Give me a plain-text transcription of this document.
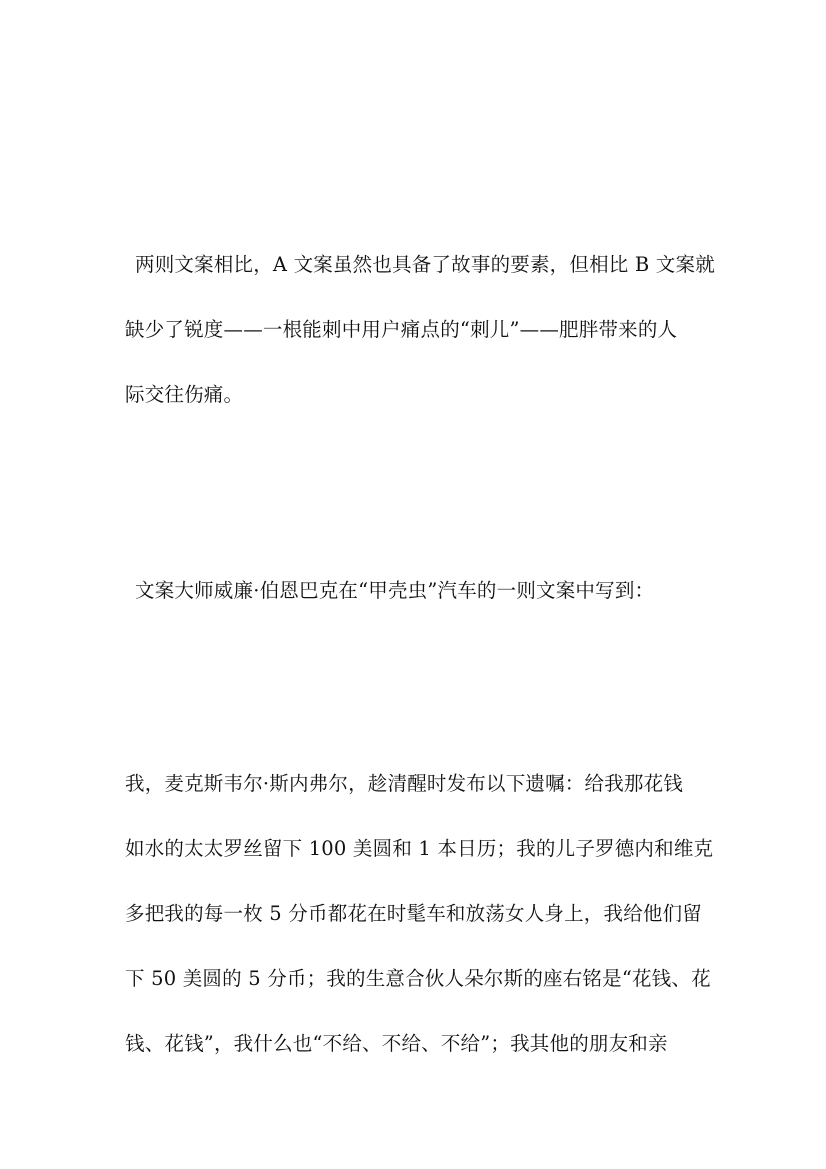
两则文案相比，A 文案虽然也具备了故事的要素，但相比 B 文案就
缺少了锐度——一根能刺中用户痛点的“刺儿”——肥胖带来的人
际交往伤痛。
文案大师威廉·伯恩巴克在“甲壳虫”汽车的一则文案中写到：
我，麦克斯韦尔·斯内弗尔，趁清醒时发布以下遗嘱：给我那花钱
如水的太太罗丝留下 100 美圆和 1 本日历；我的儿子罗德内和维克
多把我的每一枚 5 分币都花在时髦车和放荡女人身上，我给他们留
下 50 美圆的 5 分币；我的生意合伙人朵尔斯的座右铭是“花钱、花
钱、花钱”，我什么也“不给、不给、不给”；我其他的朋友和亲
